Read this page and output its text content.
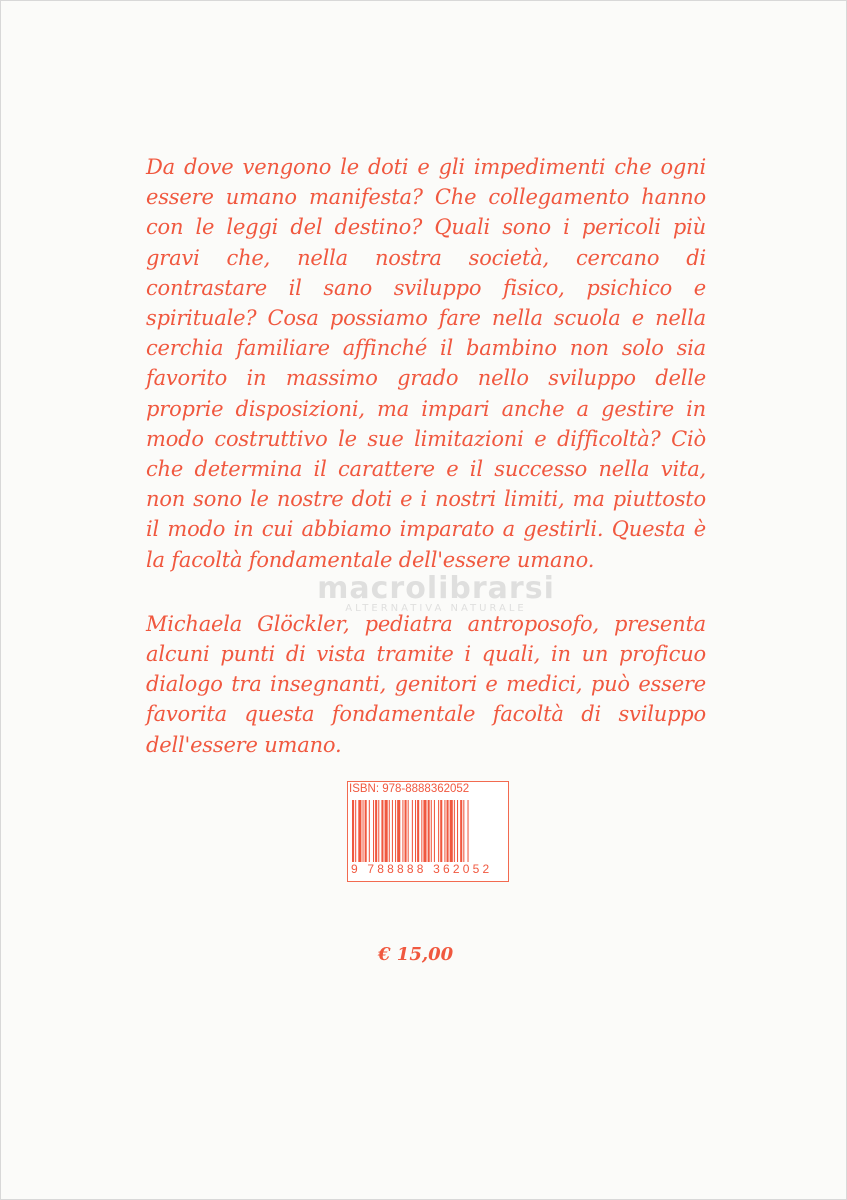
Da dove vengono le doti e gli impedimenti che ogni essere umano manifesta? Che collegamento hanno con le leggi del destino? Quali sono i pericoli più gravi che, nella nostra società, cercano di contrastare il sano sviluppo fisico, psichico e spirituale? Cosa possiamo fare nella scuola e nella cerchia familiare affinché il bambino non solo sia favorito in massimo grado nello sviluppo delle proprie disposizioni, ma impari anche a gestire in modo costruttivo le sue limitazioni e difficoltà? Ciò che determina il carattere e il successo nella vita, non sono le nostre doti e i nostri limiti, ma piuttosto il modo in cui abbiamo imparato a gestirli. Questa è la facoltà fondamentale dell'essere umano.

Michaela Glöckler, pediatra antroposofo, presenta alcuni punti di vista tramite i quali, in un proficuo dialogo tra insegnanti, genitori e medici, può essere favorita questa fondamentale facoltà di sviluppo dell'essere umano.

macrolibrarsi
ALTERNATIVA NATURALE
ISBN: 978-8888362052
9 788888 362052
€ 15,00
